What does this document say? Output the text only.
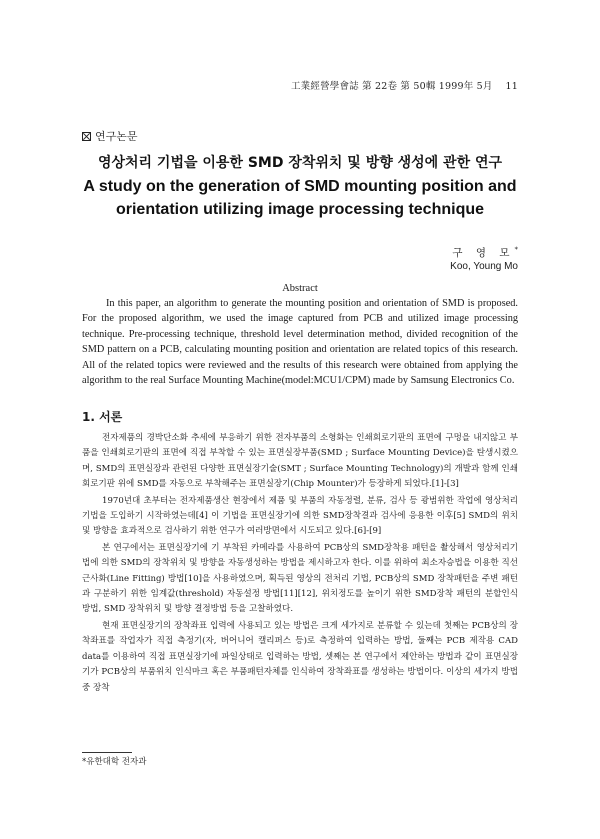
工業經營學會誌 第 22卷 第 50輯 1999年 5月 11
연구논문
영상처리 기법을 이용한 SMD 장착위치 및 방향 생성에 관한 연구
A study on the generation of SMD mounting position and
orientation utilizing image processing technique
구 영 모*
Koo, Young Mo
Abstract

In this paper, an algorithm to generate the mounting position and orientation of SMD is proposed. For the proposed algorithm, we used the image captured from PCB and utilized image processing technique. Pre-processing technique, threshold level determination method, divided recognition of the SMD pattern on a PCB, calculating mounting position and orientation are related topics of this research. All of the related topics were reviewed and the results of this research were obtained from applying the algorithm to the real Surface Mounting Machine(model:MCU1/CPM) made by Samsung Electronics Co.

1. 서론

전자제품의 경박단소화 추세에 부응하기 위한 전자부품의 소형화는 인쇄회로기판의 표면에 구멍을 내지않고 부품을 인쇄회로기판의 표면에 직접 부착할 수 있는 표면실장부품(SMD ; Surface Mounting Device)을 탄생시켰으며, SMD의 표면실장과 관련된 다양한 표면실장기술(SMT ; Surface Mounting Technology)의 개발과 함께 인쇄회로기판 위에 SMD를 자동으로 부착해주는 표면실장기(Chip Mounter)가 등장하게 되었다.[1]-[3]

1970년대 초부터는 전자제품생산 현장에서 제품 및 부품의 자동정렬, 분류, 검사 등 광범위한 작업에 영상처리기법을 도입하기 시작하였는데[4] 이 기법을 표면실장기에 의한 SMD장착결과 검사에 응용한 이후[5] SMD의 위치 및 방향을 효과적으로 검사하기 위한 연구가 여러방면에서 시도되고 있다.[6]-[9]

본 연구에서는 표면실장기에 기 부착된 카메라를 사용하여 PCB상의 SMD장착용 패턴을 촬상해서 영상처리기법에 의한 SMD의 장착위치 및 방향을 자동생성하는 방법을 제시하고자 한다. 이를 위하여 최소자승법을 이용한 직선 근사화(Line Fitting) 방법[10]을 사용하였으며, 획득된 영상의 전처리 기법, PCB상의 SMD 장착패턴을 주변 패턴과 구분하기 위한 임계값(threshold) 자동설정 방법[11][12], 위치정도를 높이기 위한 SMD장착 패턴의 분할인식 방법, SMD 장착위치 및 방향 결정방법 등을 고찰하였다.

현재 표면실장기의 장착좌표 입력에 사용되고 있는 방법은 크게 세가지로 분류할 수 있는데 첫째는 PCB상의 장착좌표를 작업자가 직접 측정기(자, 버어니어 캘리퍼스 등)로 측정하여 입력하는 방법, 둘째는 PCB 제작용 CAD data를 이용하여 직접 표면실장기에 파일상태로 입력하는 방법, 셋째는 본 연구에서 제안하는 방법과 같이 표면실장기가 PCB상의 부품위치 인식마크 혹은 부품패턴자체를 인식하여 장착좌표를 생성하는 방법이다. 이상의 세가지 방법중 장착

*유한대학 전자과
